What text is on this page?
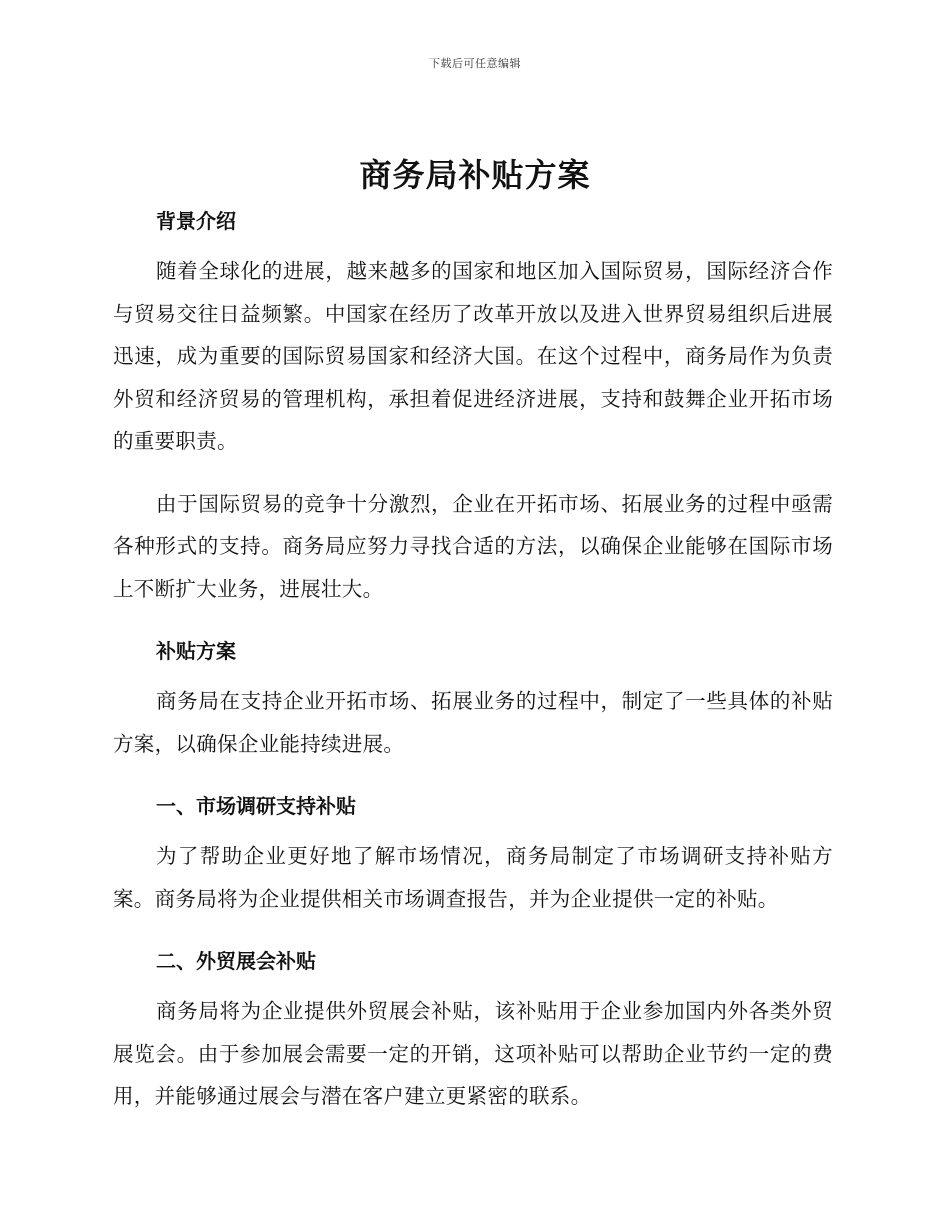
下载后可任意编辑
商务局补贴方案
背景介绍

随着全球化的进展，越来越多的国家和地区加入国际贸易，国际经济合作与贸易交往日益频繁。中国家在经历了改革开放以及进入世界贸易组织后进展迅速，成为重要的国际贸易国家和经济大国。在这个过程中，商务局作为负责外贸和经济贸易的管理机构，承担着促进经济进展，支持和鼓舞企业开拓市场的重要职责。

由于国际贸易的竞争十分激烈，企业在开拓市场、拓展业务的过程中亟需各种形式的支持。商务局应努力寻找合适的方法，以确保企业能够在国际市场上不断扩大业务，进展壮大。

补贴方案

商务局在支持企业开拓市场、拓展业务的过程中，制定了一些具体的补贴方案，以确保企业能持续进展。

一、市场调研支持补贴

为了帮助企业更好地了解市场情况，商务局制定了市场调研支持补贴方案。商务局将为企业提供相关市场调查报告，并为企业提供一定的补贴。

二、外贸展会补贴

商务局将为企业提供外贸展会补贴，该补贴用于企业参加国内外各类外贸展览会。由于参加展会需要一定的开销，这项补贴可以帮助企业节约一定的费用，并能够通过展会与潜在客户建立更紧密的联系。
